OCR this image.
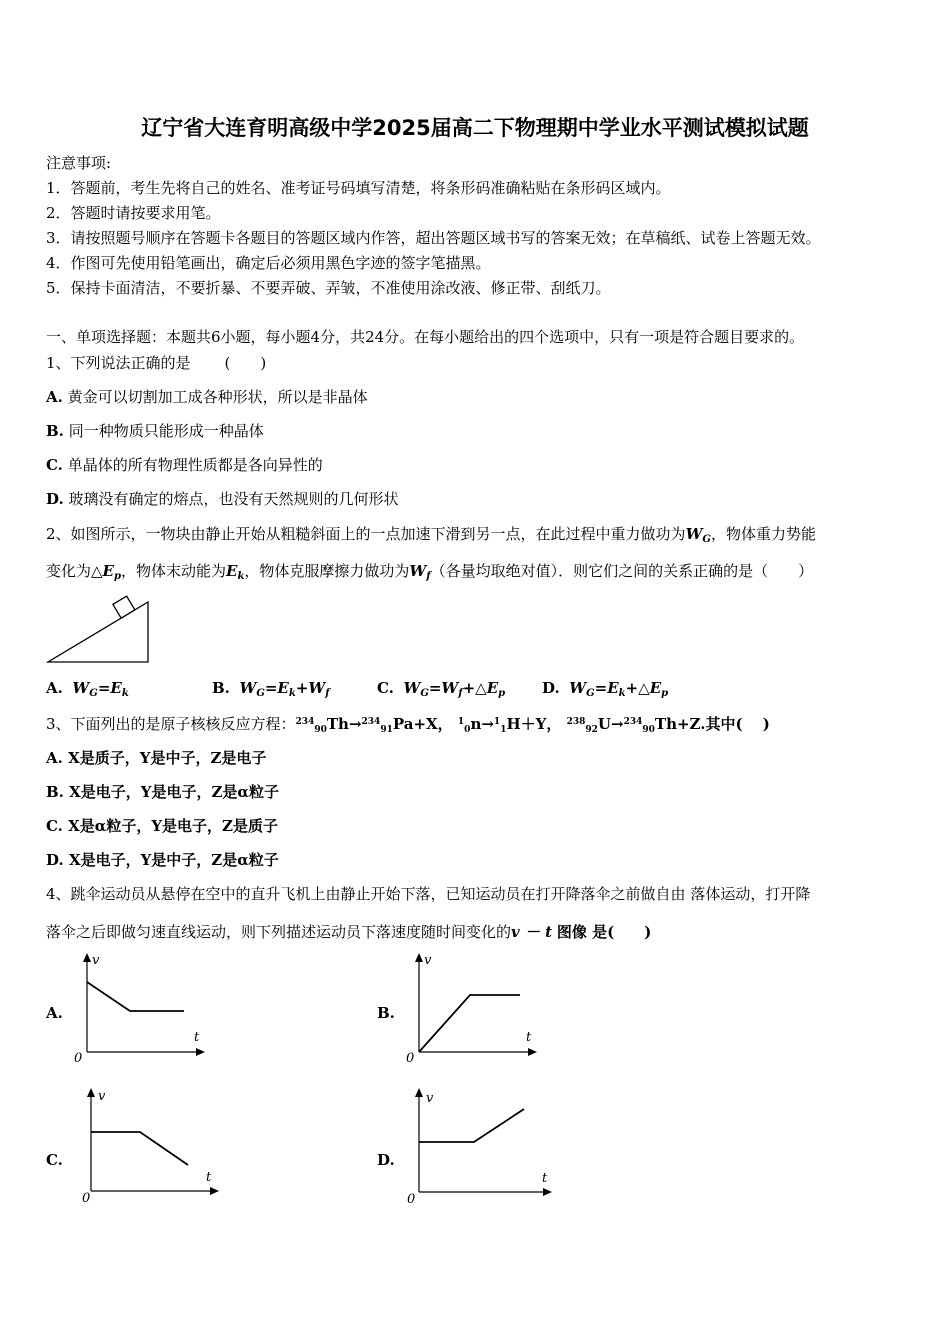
辽宁省大连育明高级中学2025届高二下物理期中学业水平测试模拟试题
注意事项:
1．答题前，考生先将自己的姓名、准考证号码填写清楚，将条形码准确粘贴在条形码区域内。
2．答题时请按要求用笔。
3．请按照题号顺序在答题卡各题目的答题区域内作答，超出答题区域书写的答案无效；在草稿纸、试卷上答题无效。
4．作图可先使用铅笔画出，确定后必须用黑色字迹的签字笔描黑。
5．保持卡面清洁，不要折暴、不要弄破、弄皱，不准使用涂改液、修正带、刮纸刀。
一、单项选择题：本题共6小题，每小题4分，共24分。在每小题给出的四个选项中，只有一项是符合题目要求的。
1、下列说法正确的是 (　　)
A. 黄金可以切割加工成各种形状，所以是非晶体
B. 同一种物质只能形成一种晶体
C. 单晶体的所有物理性质都是各向异性的
D. 玻璃没有确定的熔点，也没有天然规则的几何形状
2、如图所示，一物块由静止开始从粗糙斜面上的一点加速下滑到另一点，在此过程中重力做功为$W_G$，物体重力势能
变化为$\triangle E_p$，物体末动能为$E_k$，物体克服摩擦力做功为$W_f$（各量均取绝对值）．则它们之间的关系正确的是（　　）
A. $W_G=E_k$	B. $W_G=E_k+W_f$	C. $W_G=W_f+\triangle E_p$ D. $W_G=E_k+\triangle E_p$
3、下面列出的是原子核核反应方程：$^{234}_{90}$Th→$^{234}_{91}$Pa+X， $^1_0$n→$^1_1$H＋Y， $^{238}_{92}$U→$^{234}_{90}$Th+Z.其中(　 )
A. X是质子，Y是中子，Z是电子
B. X是电子，Y是电子，Z是α粒子
C. X是α粒子，Y是电子，Z是质子
D. X是电子，Y是中子，Z是α粒子
4、跳伞运动员从悬停在空中的直升飞机上由静止开始下落，已知运动员在打开降落伞之前做自由 落体运动，打开降
落伞之后即做匀速直线运动，则下列描述运动员下落速度随时间变化的v － t 图像 是(　　)
A.	B.
C.	D.
v
t
0
v
t
0
v
t
0
v
t
0
